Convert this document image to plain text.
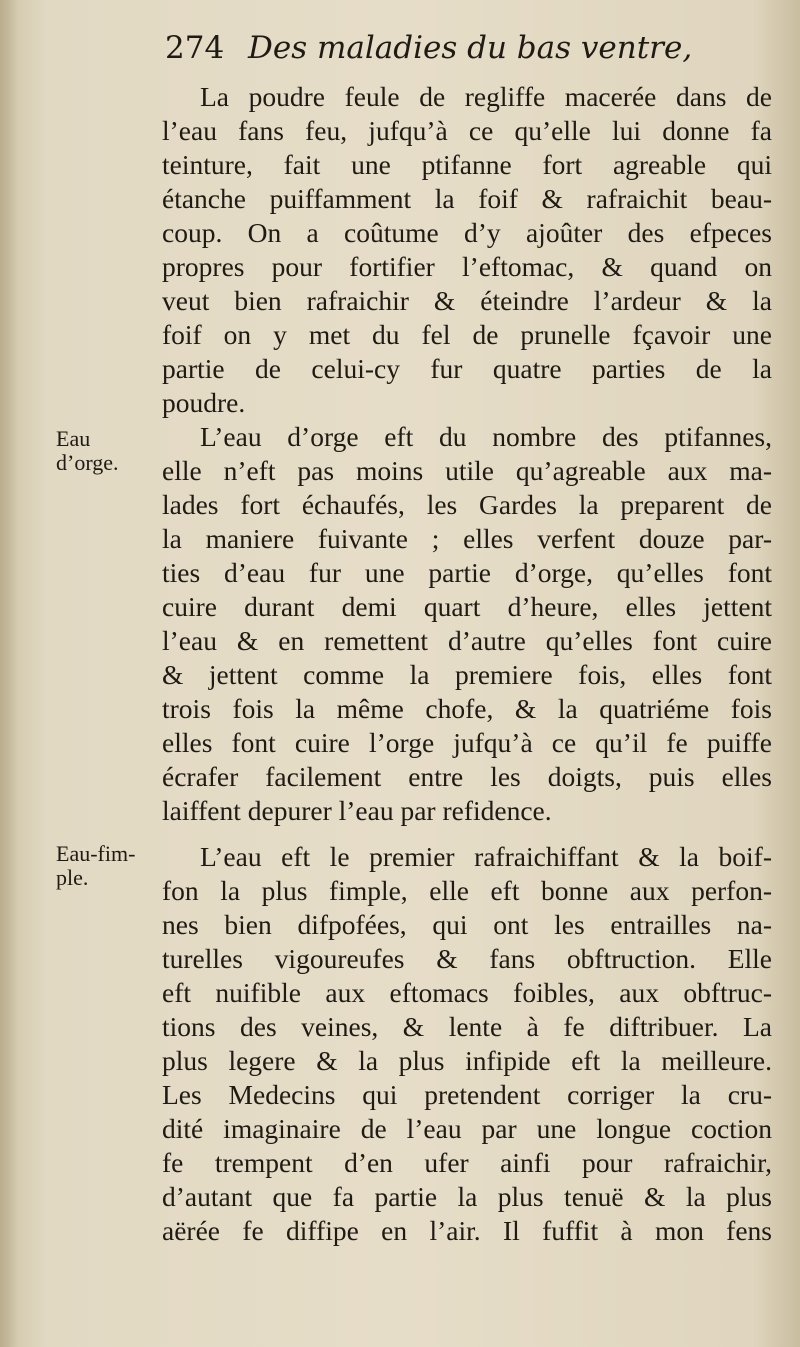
274 Des maladies du bas ventre,
Eau
d’orge.
Eau-fim-
ple.
La poudre feule de regliffe macerée dans de
l’eau fans feu, jufqu’à ce qu’elle lui donne fa
teinture, fait une ptifanne fort agreable qui
étanche puiffamment la foif & rafraichit beau-
coup. On a coûtume d’y ajoûter des efpeces
propres pour fortifier l’eftomac, & quand on
veut bien rafraichir & éteindre l’ardeur & la
foif on y met du fel de prunelle fçavoir une
partie de celui-cy fur quatre parties de la
poudre.
L’eau d’orge eft du nombre des ptifannes,
elle n’eft pas moins utile qu’agreable aux ma-
lades fort échaufés, les Gardes la preparent de
la maniere fuivante ; elles verfent douze par-
ties d’eau fur une partie d’orge, qu’elles font
cuire durant demi quart d’heure, elles jettent
l’eau & en remettent d’autre qu’elles font cuire
& jettent comme la premiere fois, elles font
trois fois la même chofe, & la quatriéme fois
elles font cuire l’orge jufqu’à ce qu’il fe puiffe
écrafer facilement entre les doigts, puis elles
laiffent depurer l’eau par refidence.
L’eau eft le premier rafraichiffant & la boif-
fon la plus fimple, elle eft bonne aux perfon-
nes bien difpofées, qui ont les entrailles na-
turelles vigoureufes & fans obftruction. Elle
eft nuifible aux eftomacs foibles, aux obftruc-
tions des veines, & lente à fe diftribuer. La
plus legere & la plus infipide eft la meilleure.
Les Medecins qui pretendent corriger la cru-
dité imaginaire de l’eau par une longue coction
fe trempent d’en ufer ainfi pour rafraichir,
d’autant que fa partie la plus tenuë & la plus
aërée fe diffipe en l’air. Il fuffit à mon fens
